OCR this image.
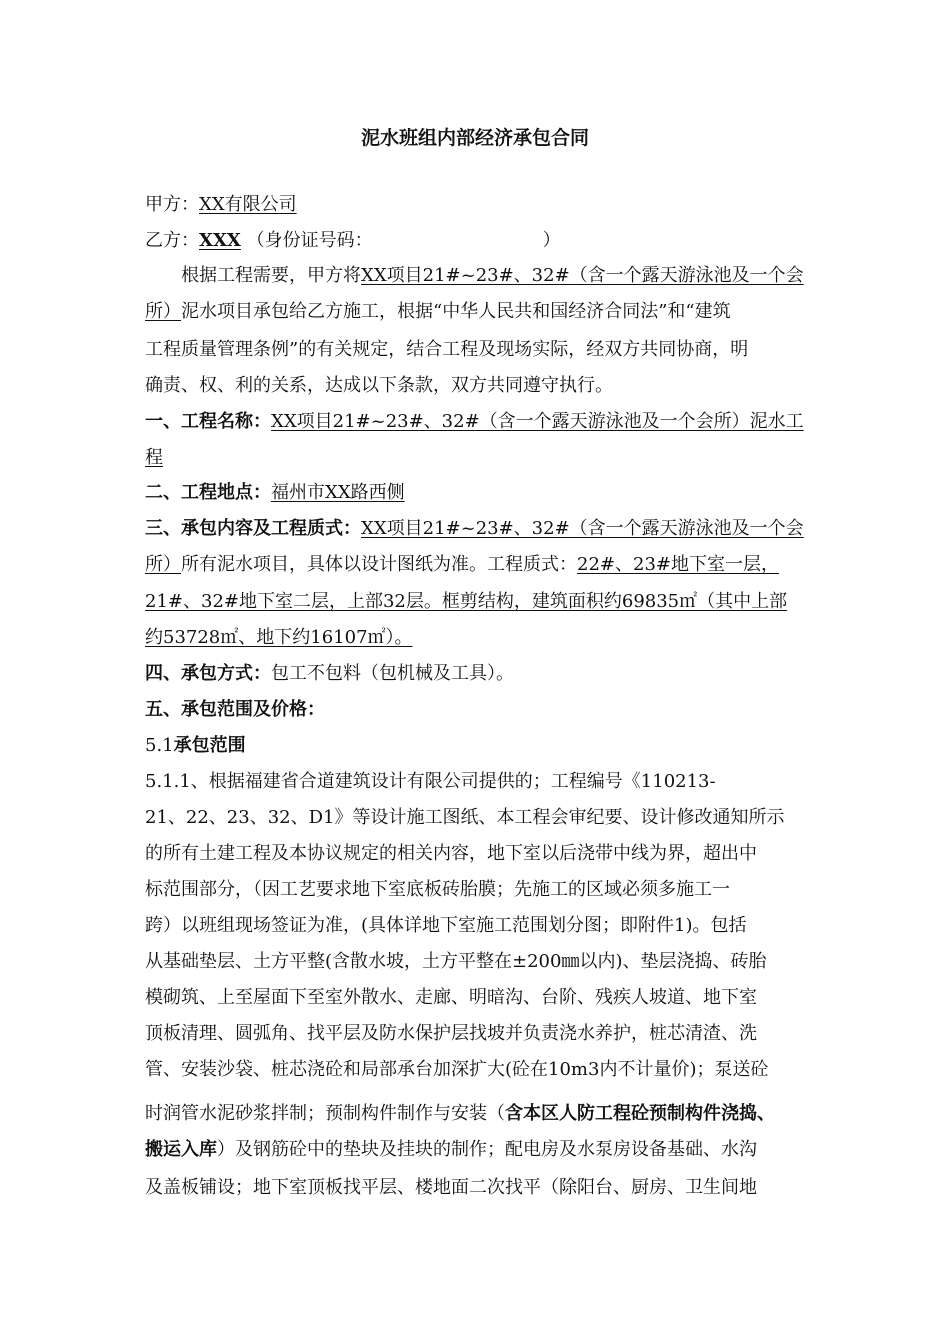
泥水班组内部经济承包合同
甲方：XX有限公司
乙方：XXX （身份证号码：	）
根据工程需要，甲方将XX项目21#~23#、32#（含一个露天游泳池及一个会
所）泥水项目承包给乙方施工，根据“中华人民共和国经济合同法”和“建筑
工程质量管理条例”的有关规定，结合工程及现场实际，经双方共同协商，明
确责、权、利的关系，达成以下条款，双方共同遵守执行。
一、工程名称：XX项目21#~23#、32#（含一个露天游泳池及一个会所）泥水工
程
二、工程地点：福州市XX路西侧
三、承包内容及工程质式：XX项目21#~23#、32#（含一个露天游泳池及一个会
所）所有泥水项目，具体以设计图纸为准。工程质式：22#、23#地下室一层，
21#、32#地下室二层，上部32层。框剪结构，建筑面积约69835㎡（其中上部
约53728㎡、地下约16107㎡）。
四、承包方式：包工不包料（包机械及工具）。
五、承包范围及价格：
5.1承包范围
5.1.1、根据福建省合道建筑设计有限公司提供的；工程编号《110213-
21、22、23、32、D1》等设计施工图纸、本工程会审纪要、设计修改通知所示
的所有土建工程及本协议规定的相关内容，地下室以后浇带中线为界，超出中
标范围部分，（因工艺要求地下室底板砖胎膜；先施工的区域必须多施工一
跨）以班组现场签证为准，(具体详地下室施工范围划分图；即附件1)。包括
从基础垫层、土方平整(含散水坡，土方平整在±200㎜以内)、垫层浇捣、砖胎
模砌筑、上至屋面下至室外散水、走廊、明暗沟、台阶、残疾人坡道、地下室
顶板清理、圆弧角、找平层及防水保护层找坡并负责浇水养护，桩芯清渣、洗
管、安装沙袋、桩芯浇砼和局部承台加深扩大(砼在10m3内不计量价)；泵送砼
时润管水泥砂浆拌制；预制构件制作与安装（含本区人防工程砼预制构件浇捣、
搬运入库）及钢筋砼中的垫块及挂块的制作；配电房及水泵房设备基础、水沟
及盖板铺设；地下室顶板找平层、楼地面二次找平（除阳台、厨房、卫生间地
